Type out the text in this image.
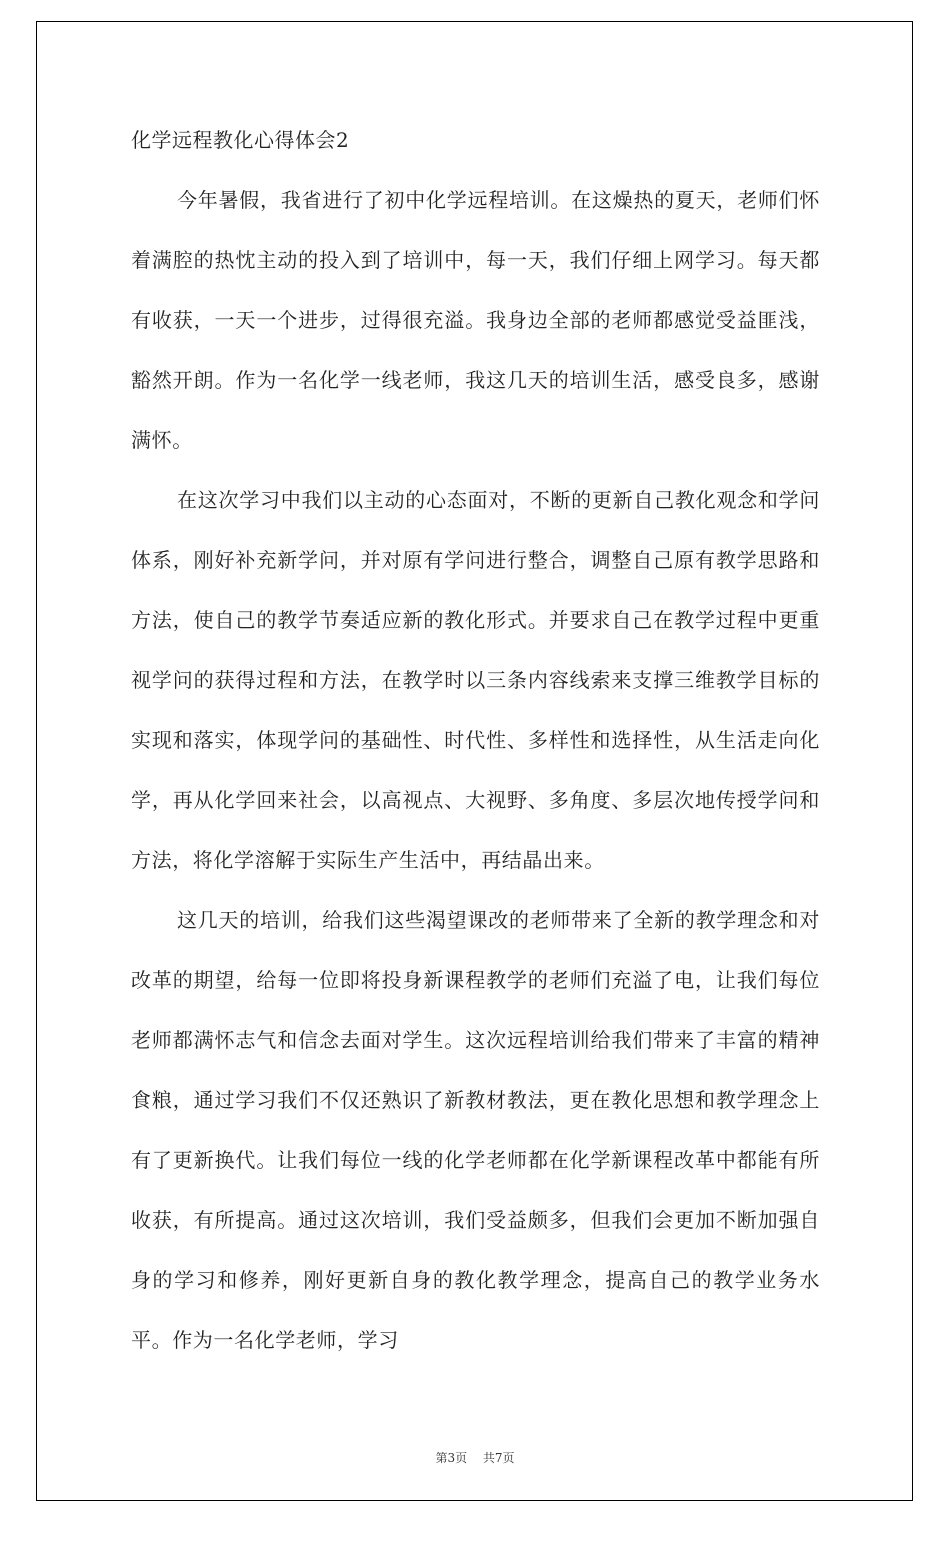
化学远程教化心得体会2

今年暑假，我省进行了初中化学远程培训。在这燥热的夏天，老师们怀着满腔的热忱主动的投入到了培训中，每一天，我们仔细上网学习。每天都有收获，一天一个进步，过得很充溢。我身边全部的老师都感觉受益匪浅，豁然开朗。作为一名化学一线老师，我这几天的培训生活，感受良多，感谢满怀。

在这次学习中我们以主动的心态面对，不断的更新自己教化观念和学问体系，刚好补充新学问，并对原有学问进行整合，调整自己原有教学思路和方法，使自己的教学节奏适应新的教化形式。并要求自己在教学过程中更重视学问的获得过程和方法，在教学时以三条内容线索来支撑三维教学目标的实现和落实，体现学问的基础性、时代性、多样性和选择性，从生活走向化学，再从化学回来社会，以高视点、大视野、多角度、多层次地传授学问和方法，将化学溶解于实际生产生活中，再结晶出来。

这几天的培训，给我们这些渴望课改的老师带来了全新的教学理念和对改革的期望，给每一位即将投身新课程教学的老师们充溢了电，让我们每位老师都满怀志气和信念去面对学生。这次远程培训给我们带来了丰富的精神食粮，通过学习我们不仅还熟识了新教材教法，更在教化思想和教学理念上有了更新换代。让我们每位一线的化学老师都在化学新课程改革中都能有所收获，有所提高。通过这次培训，我们受益颇多，但我们会更加不断加强自身的学习和修养，刚好更新自身的教化教学理念，提高自己的教学业务水平。作为一名化学老师，学习

第3页 共7页
